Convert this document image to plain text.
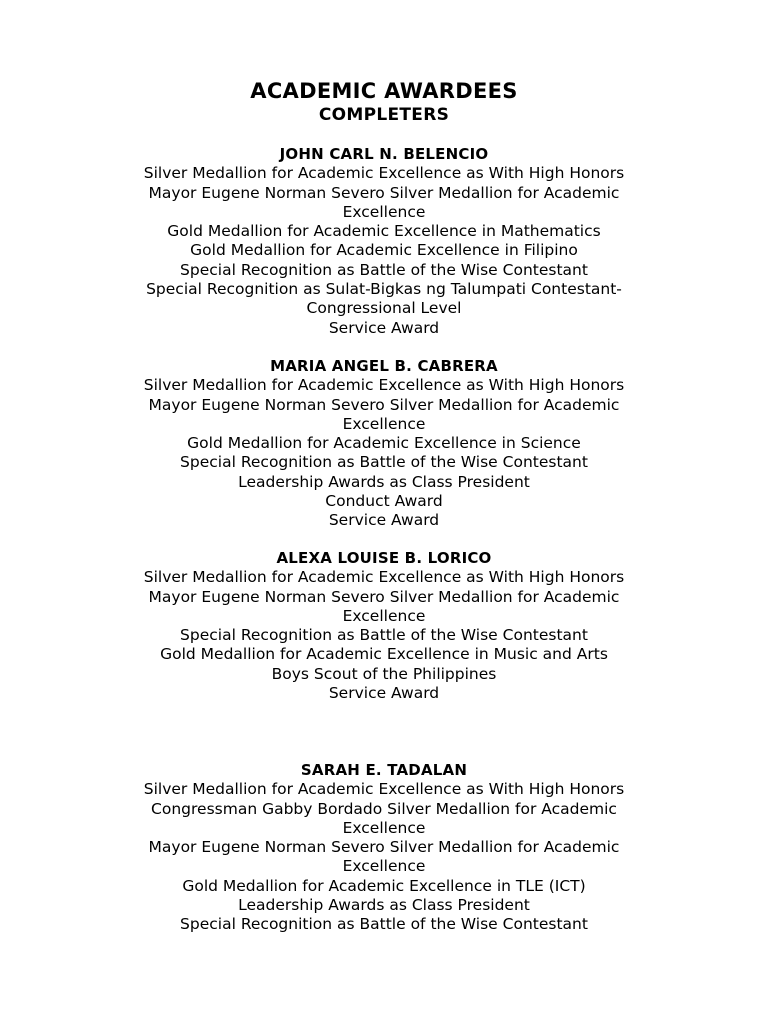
ACADEMIC AWARDEES
COMPLETERS
JOHN CARL N. BELENCIO
Silver Medallion for Academic Excellence as With High Honors
Mayor Eugene Norman Severo Silver Medallion for Academic
Excellence
Gold Medallion for Academic Excellence in Mathematics
Gold Medallion for Academic Excellence in Filipino
Special Recognition as Battle of the Wise Contestant
Special Recognition as Sulat-Bigkas ng Talumpati Contestant-
Congressional Level
Service Award
MARIA ANGEL B. CABRERA
Silver Medallion for Academic Excellence as With High Honors
Mayor Eugene Norman Severo Silver Medallion for Academic
Excellence
Gold Medallion for Academic Excellence in Science
Special Recognition as Battle of the Wise Contestant
Leadership Awards as Class President
Conduct Award
Service Award
ALEXA LOUISE B. LORICO
Silver Medallion for Academic Excellence as With High Honors
Mayor Eugene Norman Severo Silver Medallion for Academic
Excellence
Special Recognition as Battle of the Wise Contestant
Gold Medallion for Academic Excellence in Music and Arts
Boys Scout of the Philippines
Service Award
SARAH E. TADALAN
Silver Medallion for Academic Excellence as With High Honors
Congressman Gabby Bordado Silver Medallion for Academic
Excellence
Mayor Eugene Norman Severo Silver Medallion for Academic
Excellence
Gold Medallion for Academic Excellence in TLE (ICT)
Leadership Awards as Class President
Special Recognition as Battle of the Wise Contestant
